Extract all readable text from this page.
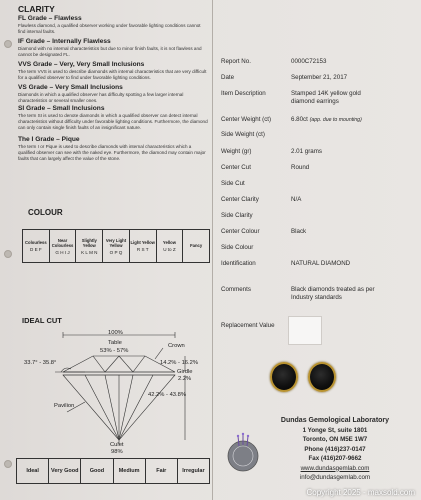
CLARITY
FL Grade – Flawless
Flawless diamond, a qualified observer working under favorable lighting conditions cannot find internal faults.
IF Grade – Internally Flawless
Diamond with no internal characteristics but due to minor finish faults, it is not flawless and cannot be designated FL.
VVS Grade – Very, Very Small Inclusions
The term VVS is used to describe diamonds with internal characteristics that are very difficult for a qualified observer to find under favorable lighting conditions.
VS Grade – Very Small Inclusions
Diamonds in which a qualified observer has difficulty spotting a few larger internal characteristics or several smaller ones.
SI Grade – Small Inclusions
The term SI is used to denote diamonds in which a qualified observer can detect internal characteristics without difficulty under favorable lighting conditions. Furthermore, the diamond can only contain single finish faults of an insignificant nature.
The I Grade – Pique
The term I or Pique is used to describe diamonds with internal characteristics which a qualified observer can see with the naked eye. Furthermore, the diamond may contain major faults that can largely affect the value of the stone.
COLOUR
Colourless
D E F
Near Colourless
G H I J
Slightly Yellow
K L M N
Very Light Yellow
O P Q
Light Yellow
R S T
Yellow
U to Z
Fancy
IDEAL CUT
100%
Table
53% - 57%
Crown
33.7° - 35.8°	14.2% - 16.2%
Girdle
2.2%
42.2% - 43.8%
Pavilion
Culet
98%
Ideal	Very Good	Good	Medium	Fair	Irregular
Report No.	0000C72153
Date	September 21, 2017
Item Description	Stamped 14K yellow gold diamond earrings
Center Weight (ct)	6.80ct (app. due to mounting)
Side Weight (ct)
Weight (gr)	2.01 grams
Center Cut	Round
Side Cut
Center Clarity	N/A
Side Clarity
Center Colour	Black
Side Colour
Identification	NATURAL DIAMOND
Comments	Black diamonds treated as per Industry standards
Replacement Value
Dundas Gemological Laboratory
1 Yonge St, suite 1801
Toronto, ON M5E 1W7
Phone (416)237-0147
Fax (416)207-9662
www.dundasgemlab.com
info@dundasgemlab.com
Copyright 2025 - maxsold.com
